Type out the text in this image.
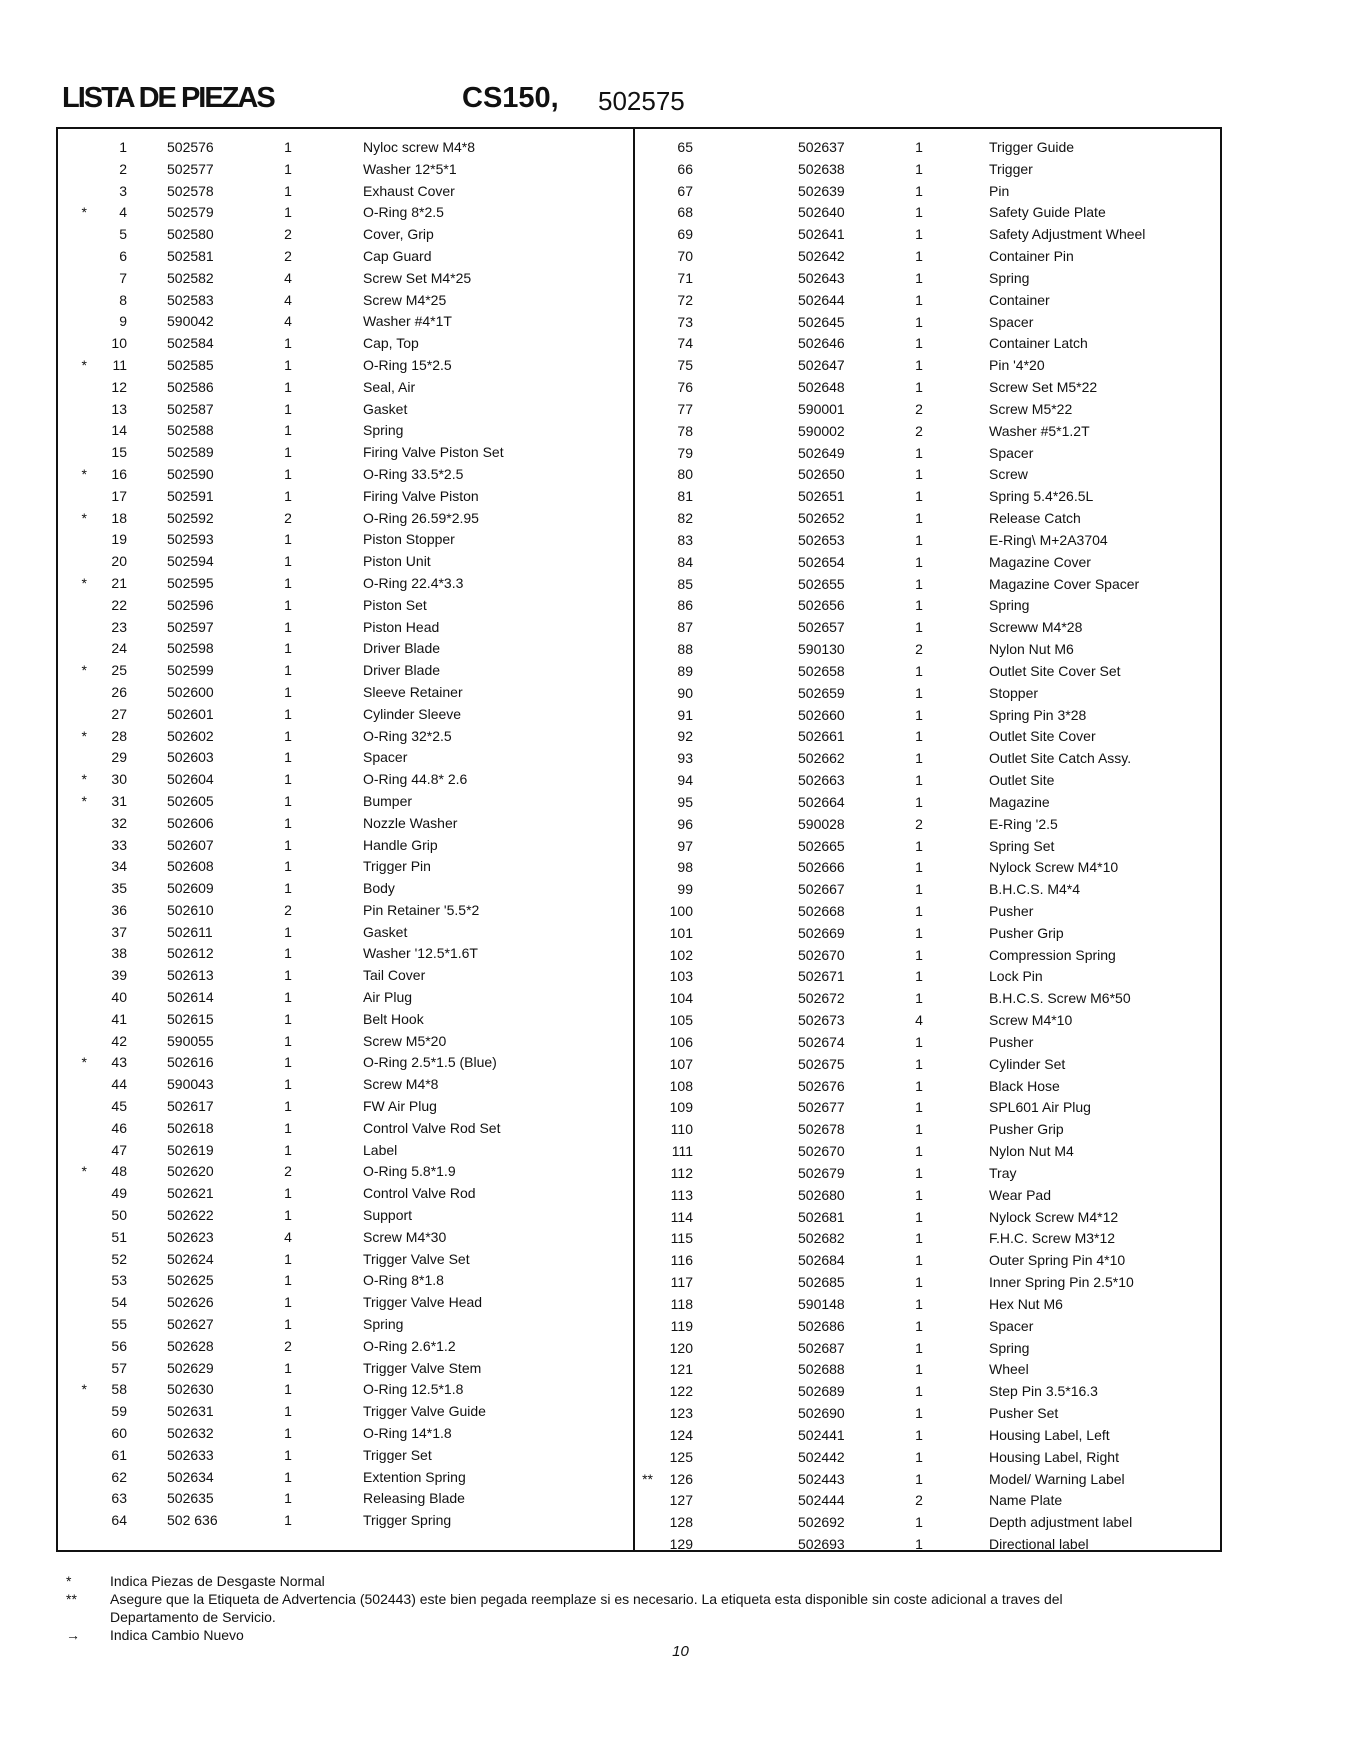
LISTA DE PIEZAS	CS150, 502575
1	502576	1	Nyloc screw M4*8
2	502577	1	Washer 12*5*1
3	502578	1	Exhaust Cover
*	4	502579	1	O-Ring 8*2.5
5	502580	2	Cover, Grip
6	502581	2	Cap Guard
7	502582	4	Screw Set M4*25
8	502583	4	Screw M4*25
9	590042	4	Washer #4*1T
10	502584	1	Cap, Top
*	11	502585	1	O-Ring 15*2.5
12	502586	1	Seal, Air
13	502587	1	Gasket
14	502588	1	Spring
15	502589	1	Firing Valve Piston Set
*	16	502590	1	O-Ring 33.5*2.5
17	502591	1	Firing Valve Piston
*	18	502592	2	O-Ring 26.59*2.95
19	502593	1	Piston Stopper
20	502594	1	Piston Unit
*	21	502595	1	O-Ring 22.4*3.3
22	502596	1	Piston Set
23	502597	1	Piston Head
24	502598	1	Driver Blade
*	25	502599	1	Driver Blade
26	502600	1	Sleeve Retainer
27	502601	1	Cylinder Sleeve
*	28	502602	1	O-Ring 32*2.5
29	502603	1	Spacer
*	30	502604	1	O-Ring 44.8* 2.6
*	31	502605	1	Bumper
32	502606	1	Nozzle Washer
33	502607	1	Handle Grip
34	502608	1	Trigger Pin
35	502609	1	Body
36	502610	2	Pin Retainer '5.5*2
37	502611	1	Gasket
38	502612	1	Washer '12.5*1.6T
39	502613	1	Tail Cover
40	502614	1	Air Plug
41	502615	1	Belt Hook
42	590055	1	Screw M5*20
*	43	502616	1	O-Ring 2.5*1.5 (Blue)
44	590043	1	Screw M4*8
45	502617	1	FW Air Plug
46	502618	1	Control Valve Rod Set
47	502619	1	Label
*	48	502620	2	O-Ring 5.8*1.9
49	502621	1	Control Valve Rod
50	502622	1	Support
51	502623	4	Screw M4*30
52	502624	1	Trigger Valve Set
53	502625	1	O-Ring 8*1.8
54	502626	1	Trigger Valve Head
55	502627	1	Spring
56	502628	2	O-Ring 2.6*1.2
57	502629	1	Trigger Valve Stem
*	58	502630	1	O-Ring 12.5*1.8
59	502631	1	Trigger Valve Guide
60	502632	1	O-Ring 14*1.8
61	502633	1	Trigger Set
62	502634	1	Extention Spring
63	502635	1	Releasing Blade
64	502 636	1	Trigger Spring
65	502637	1	Trigger Guide
66	502638	1	Trigger
67	502639	1	Pin
68	502640	1	Safety Guide Plate
69	502641	1	Safety Adjustment Wheel
70	502642	1	Container Pin
71	502643	1	Spring
72	502644	1	Container
73	502645	1	Spacer
74	502646	1	Container Latch
75	502647	1	Pin '4*20
76	502648	1	Screw Set M5*22
77	590001	2	Screw M5*22
78	590002	2	Washer #5*1.2T
79	502649	1	Spacer
80	502650	1	Screw
81	502651	1	Spring 5.4*26.5L
82	502652	1	Release Catch
83	502653	1	E-Ring\ M+2A3704
84	502654	1	Magazine Cover
85	502655	1	Magazine Cover Spacer
86	502656	1	Spring
87	502657	1	Screww M4*28
88	590130	2	Nylon Nut M6
89	502658	1	Outlet Site Cover Set
90	502659	1	Stopper
91	502660	1	Spring Pin 3*28
92	502661	1	Outlet Site Cover
93	502662	1	Outlet Site Catch Assy.
94	502663	1	Outlet Site
95	502664	1	Magazine
96	590028	2	E-Ring '2.5
97	502665	1	Spring Set
98	502666	1	Nylock Screw M4*10
99	502667	1	B.H.C.S. M4*4
100	502668	1	Pusher
101	502669	1	Pusher Grip
102	502670	1	Compression Spring
103	502671	1	Lock Pin
104	502672	1	B.H.C.S. Screw M6*50
105	502673	4	Screw M4*10
106	502674	1	Pusher
107	502675	1	Cylinder Set
108	502676	1	Black Hose
109	502677	1	SPL601 Air Plug
110	502678	1	Pusher Grip
111	502670	1	Nylon Nut M4
112	502679	1	Tray
113	502680	1	Wear Pad
114	502681	1	Nylock Screw M4*12
115	502682	1	F.H.C. Screw M3*12
116	502684	1	Outer Spring Pin 4*10
117	502685	1	Inner Spring Pin 2.5*10
118	590148	1	Hex Nut M6
119	502686	1	Spacer
120	502687	1	Spring
121	502688	1	Wheel
122	502689	1	Step Pin 3.5*16.3
123	502690	1	Pusher Set
124	502441	1	Housing Label, Left
125	502442	1	Housing Label, Right
**	126	502443	1	Model/ Warning Label
127	502444	2	Name Plate
128	502692	1	Depth adjustment label
129	502693	1	Directional label
*	Indica Piezas de Desgaste Normal
**	Asegure que la Etiqueta de Advertencia (502443) este bien pegada reemplaze si es necesario. La etiqueta esta disponible sin coste adicional a traves del
Departamento de Servicio.
→	Indica Cambio Nuevo
10
